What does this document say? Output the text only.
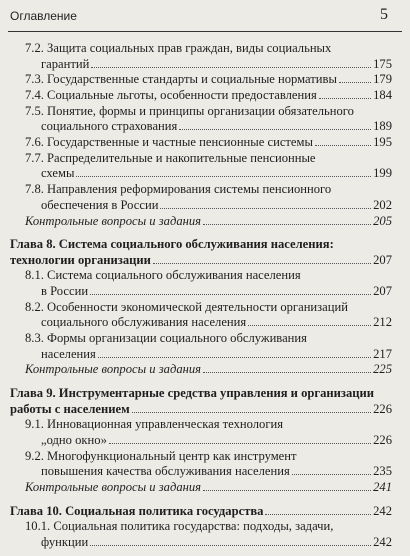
Оглавление	5
7.2. Защита социальных прав граждан, виды социальных
гарантий	175
7.3. Государственные стандарты и социальные нормативы	179
7.4. Социальные льготы, особенности предоставления	184
7.5. Понятие, формы и принципы организации обязательного
социального страхования	189
7.6. Государственные и частные пенсионные системы	195
7.7. Распределительные и накопительные пенсионные
схемы	199
7.8. Направления реформирования системы пенсионного
обеспечения в России	202
Контрольные вопросы и задания	205
Глава 8. Система социального обслуживания населения:
технологии организации	207
8.1. Система социального обслуживания населения
в России	207
8.2. Особенности экономической деятельности организаций
социального обслуживания населения	212
8.3. Формы организации социального обслуживания
населения	217
Контрольные вопросы и задания	225
Глава 9. Инструментарные средства управления и организации
работы с населением	226
9.1. Инновационная управленческая технология
„одно окно»	226
9.2. Многофункциональный центр как инструмент
повышения качества обслуживания населения	235
Контрольные вопросы и задания	241
Глава 10. Социальная политика государства	242
10.1. Социальная политика государства: подходы, задачи,
функции	242
